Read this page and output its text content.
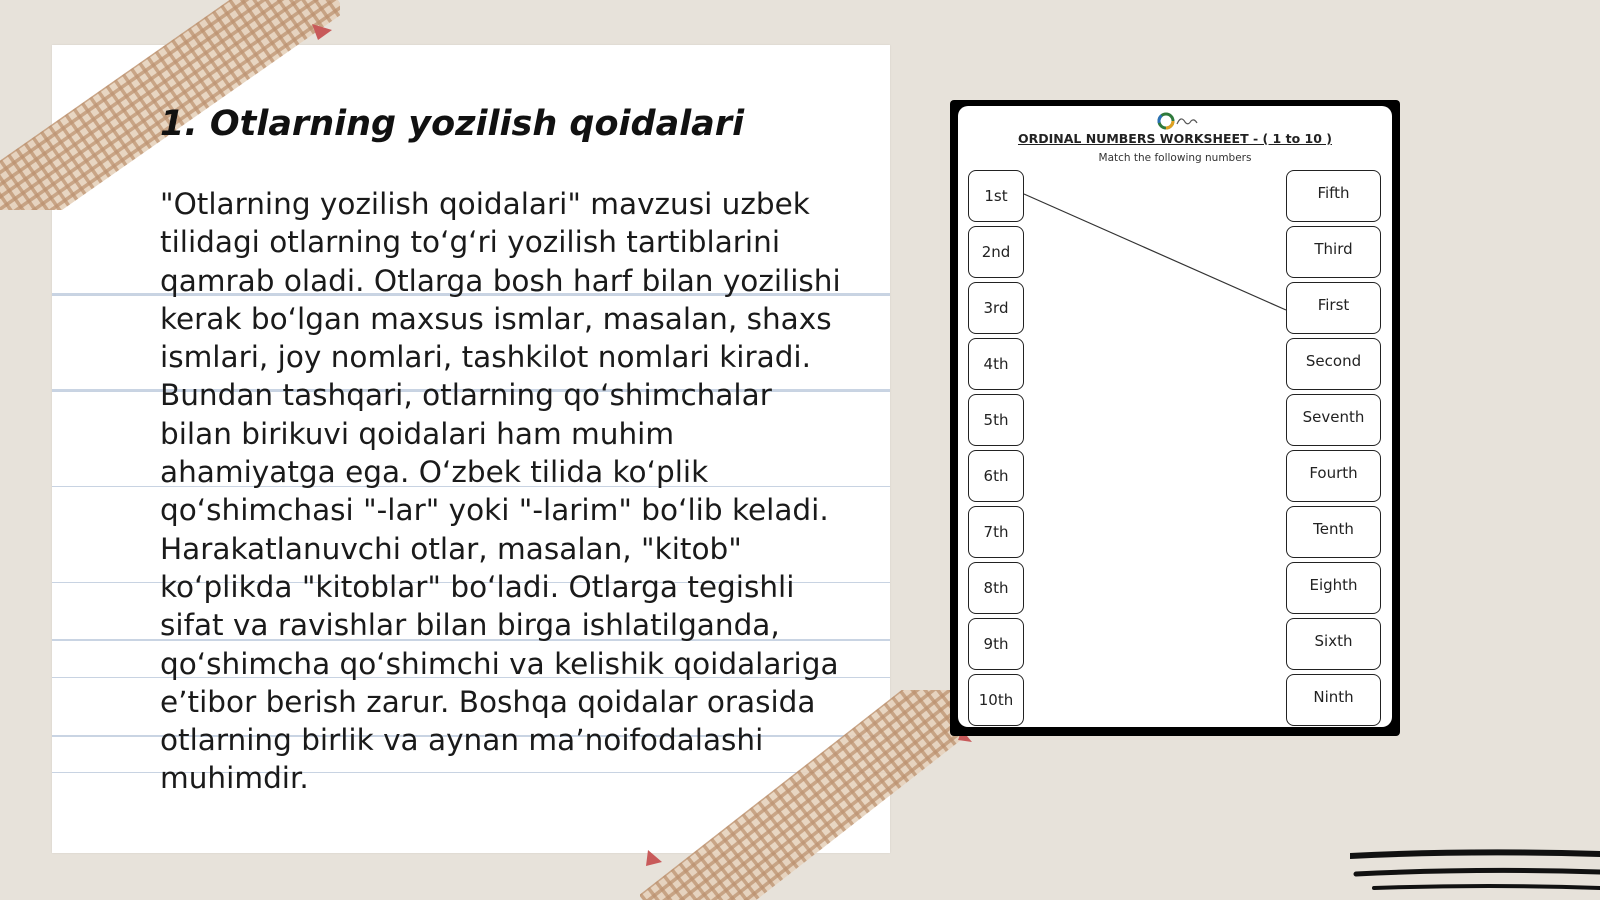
1. Otlarning yozilish qoidalari

"Otlarning yozilish qoidalari" mavzusi uzbek tilidagi otlarning to‘g‘ri yozilish tartiblarini qamrab oladi. Otlarga bosh harf bilan yozilishi kerak bo‘lgan maxsus ismlar, masalan, shaxs ismlari, joy nomlari, tashkilot nomlari kiradi. Bundan tashqari, otlarning qo‘shimchalar bilan birikuvi qoidalari ham muhim ahamiyatga ega. O‘zbek tilida ko‘plik qo‘shimchasi "-lar" yoki "-larim" bo‘lib keladi. Harakatlanuvchi otlar, masalan, "kitob" ko‘plikda "kitoblar" bo‘ladi. Otlarga tegishli sifat va ravishlar bilan birga ishlatilganda, qo‘shimcha qo‘shimchi va kelishik qoidalariga e’tibor berish zarur. Boshqa qoidalar orasida otlarning birlik va aynan ma’noifodalashi muhimdir.

ORDINAL NUMBERS WORKSHEET - ( 1 to 10 )
Match the following numbers
1st
2nd
3rd
4th
5th
6th
7th
8th
9th
10th
Fifth
Third
First
Second
Seventh
Fourth
Tenth
Eighth
Sixth
Ninth
